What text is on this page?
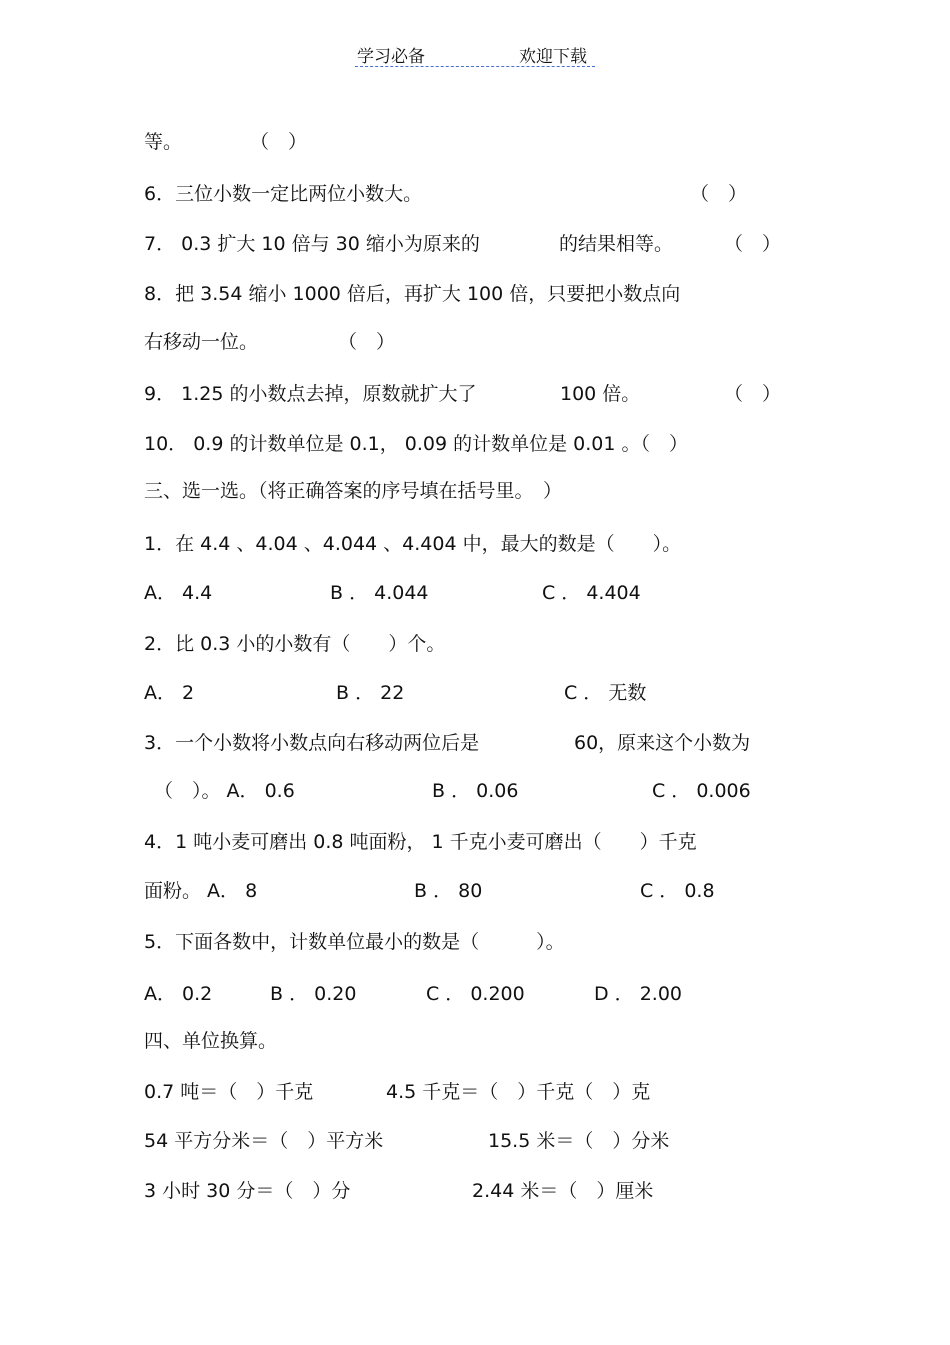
学习必备	欢迎下载
等。	（　）
6．三位小数一定比两位小数大。	（　）
7． 0.3 扩大 10 倍与 30 缩小为原来的	的结果相等。	（　）
8．把 3.54 缩小 1000 倍后，再扩大 100 倍，只要把小数点向
右移动一位。	（　）
9． 1.25 的小数点去掉，原数就扩大了	100 倍。	（　）
10． 0.9 的计数单位是 0.1， 0.09 的计数单位是 0.01 。（　）
三、选一选。（将正确答案的序号填在括号里。　）
1．在 4.4 、4.04 、4.044 、4.404 中，最大的数是（　　）。
A． 4.4	B ． 4.044	C ． 4.404
2．比 0.3 小的小数有（　　）个。
A． 2	B ． 22	C ． 无数
3．一个小数将小数点向右移动两位后是	60，原来这个小数为
（　）。 A． 0.6	B ． 0.06	C ． 0.006
4．1 吨小麦可磨出 0.8 吨面粉， 1 千克小麦可磨出（　　）千克
面粉。 A． 8	B ． 80	C ． 0.8
5．下面各数中，计数单位最小的数是（　　　）。
A． 0.2	B ． 0.20	C ． 0.200	D ． 2.00
四、单位换算。
0.7 吨＝（　）千克	4.5 千克＝（　）千克（　）克
54 平方分米＝（　）平方米	15.5 米＝（　）分米
3 小时 30 分＝（　）分	2.44 米＝（　）厘米
